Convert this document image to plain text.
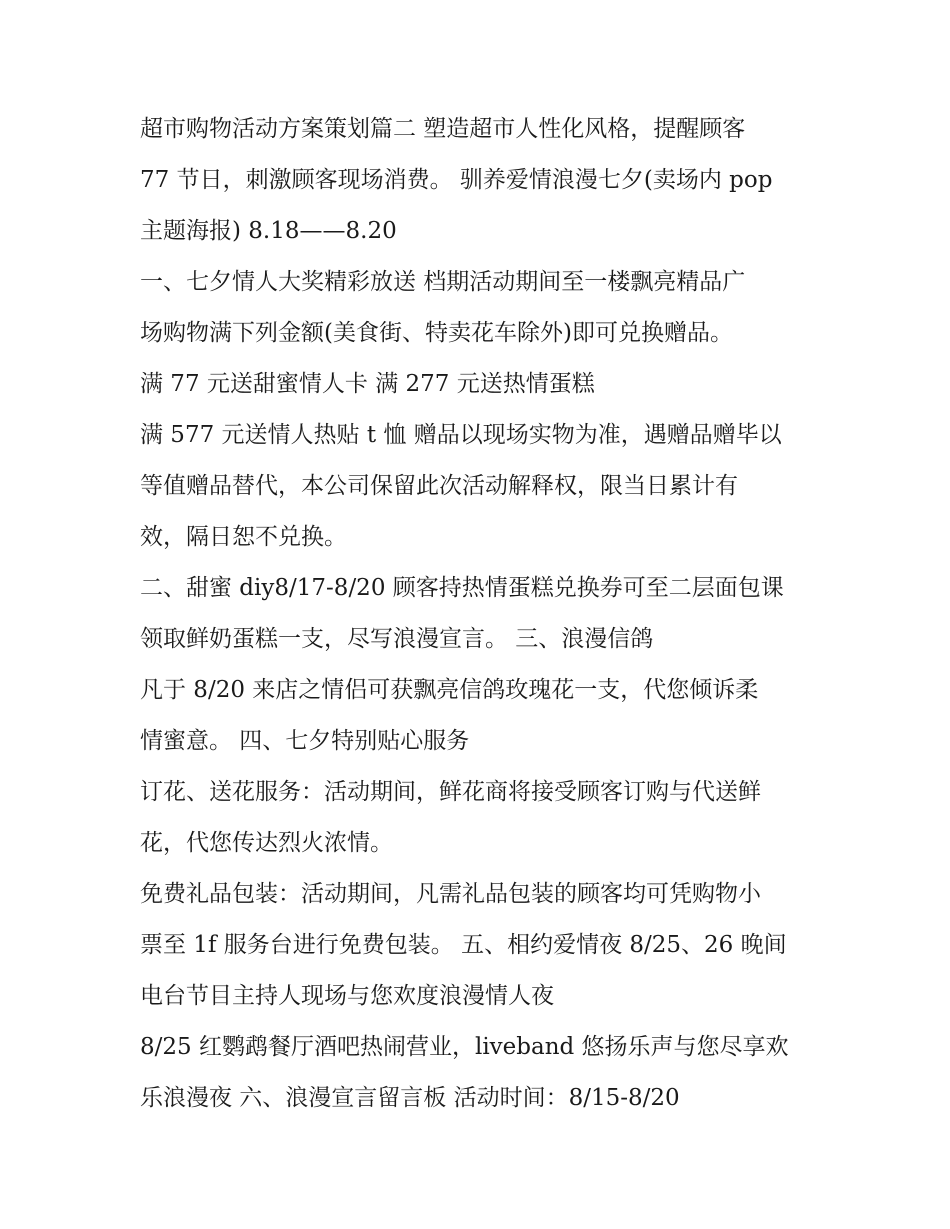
超市购物活动方案策划篇二 塑造超市人性化风格，提醒顾客
77 节日，刺激顾客现场消费。 驯养爱情浪漫七夕(卖场内 pop
主题海报) 8.18——8.20
一、七夕情人大奖精彩放送 档期活动期间至一楼飘亮精品广
场购物满下列金额(美食街、特卖花车除外)即可兑换赠品。
满 77 元送甜蜜情人卡 满 277 元送热情蛋糕
满 577 元送情人热贴 t 恤 赠品以现场实物为准，遇赠品赠毕以
等值赠品替代，本公司保留此次活动解释权，限当日累计有
效，隔日恕不兑换。
二、甜蜜 diy8/17-8/20 顾客持热情蛋糕兑换券可至二层面包课
领取鲜奶蛋糕一支，尽写浪漫宣言。 三、浪漫信鸽
凡于 8/20 来店之情侣可获飘亮信鸽玫瑰花一支，代您倾诉柔
情蜜意。 四、七夕特别贴心服务
订花、送花服务：活动期间，鲜花商将接受顾客订购与代送鲜
花，代您传达烈火浓情。
免费礼品包装：活动期间，凡需礼品包装的顾客均可凭购物小
票至 1f 服务台进行免费包装。 五、相约爱情夜 8/25、26 晚间
电台节目主持人现场与您欢度浪漫情人夜
8/25 红鹦鹉餐厅酒吧热闹营业，liveband 悠扬乐声与您尽享欢
乐浪漫夜 六、浪漫宣言留言板 活动时间：8/15-8/20
